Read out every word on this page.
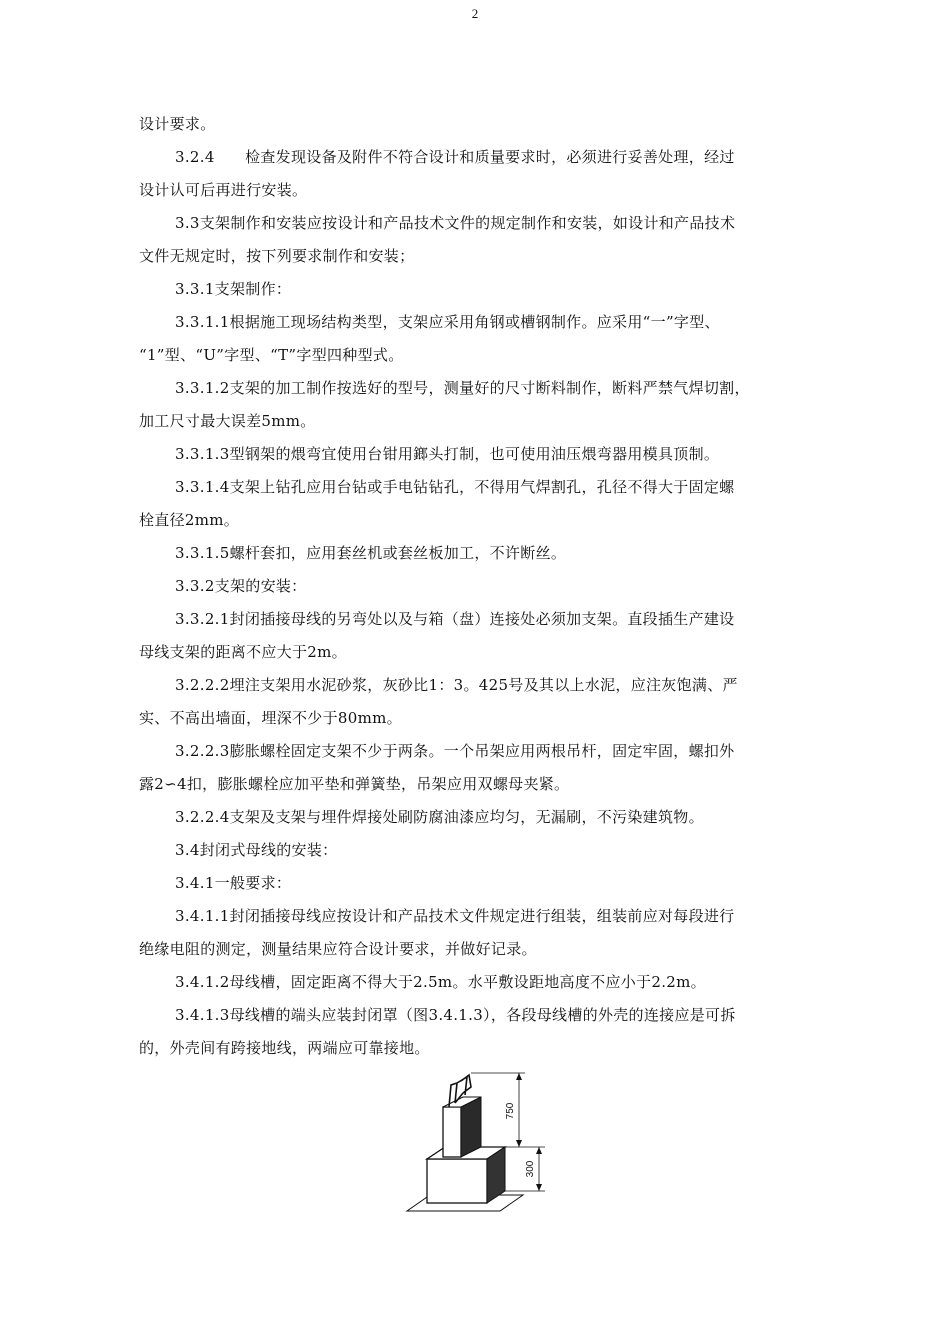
2

设计要求。

3.2.4      检查发现设备及附件不符合设计和质量要求时，必须进行妥善处理，经过

设计认可后再进行安装。

3.3支架制作和安装应按设计和产品技术文件的规定制作和安装，如设计和产品技术

文件无规定时，按下列要求制作和安装；

3.3.1支架制作：

3.3.1.1根据施工现场结构类型，支架应采用角钢或槽钢制作。应采用“一”字型、

“1”型、“U”字型、“T”字型四种型式。

3.3.1.2支架的加工制作按选好的型号，测量好的尺寸断料制作，断料严禁气焊切割，

加工尺寸最大误差5mm。

3.3.1.3型钢架的煨弯宜使用台钳用鎯头打制，也可使用油压煨弯器用模具顶制。

3.3.1.4支架上钻孔应用台钻或手电钻钻孔，不得用气焊割孔，孔径不得大于固定螺

栓直径2mm。

3.3.1.5螺杆套扣，应用套丝机或套丝板加工，不许断丝。

3.3.2支架的安装：

3.3.2.1封闭插接母线的另弯处以及与箱（盘）连接处必须加支架。直段插生产建设

母线支架的距离不应大于2m。

3.2.2.2埋注支架用水泥砂浆，灰砂比1：3。425号及其以上水泥，应注灰饱满、严

实、不高出墙面，埋深不少于80mm。

3.2.2.3膨胀螺栓固定支架不少于两条。一个吊架应用两根吊杆，固定牢固，螺扣外

露2∽4扣，膨胀螺栓应加平垫和弹簧垫，吊架应用双螺母夹紧。

3.2.2.4支架及支架与埋件焊接处刷防腐油漆应均匀，无漏刷，不污染建筑物。

3.4封闭式母线的安装：

3.4.1一般要求：

3.4.1.1封闭插接母线应按设计和产品技术文件规定进行组装，组装前应对每段进行

绝缘电阻的测定，测量结果应符合设计要求，并做好记录。

3.4.1.2母线槽，固定距离不得大于2.5m。水平敷设距地高度不应小于2.2m。

3.4.1.3母线槽的端头应装封闭罩（图3.4.1.3），各段母线槽的外壳的连接应是可拆

的，外壳间有跨接地线，两端应可靠接地。

750
300
